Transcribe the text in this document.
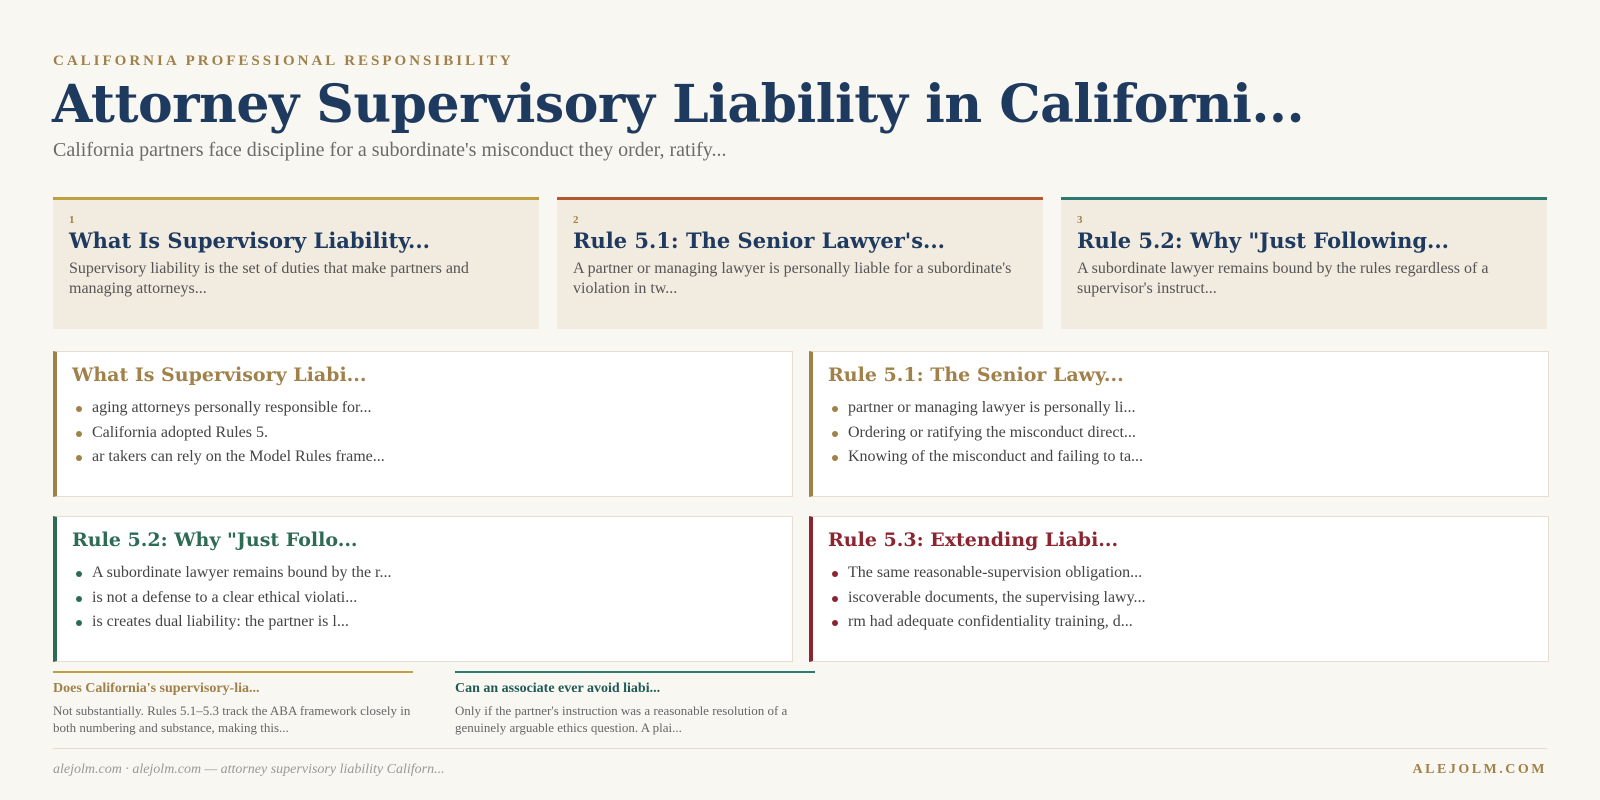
CALIFORNIA PROFESSIONAL RESPONSIBILITY
Attorney Supervisory Liability in Californi...
California partners face discipline for a subordinate's misconduct they order, ratify...
1
What Is Supervisory Liability...
Supervisory liability is the set of duties that make partners and managing attorneys...
2
Rule 5.1: The Senior Lawyer's...
A partner or managing lawyer is personally liable for a subordinate's violation in tw...
3
Rule 5.2: Why "Just Following...
A subordinate lawyer remains bound by the rules regardless of a supervisor's instruct...
What Is Supervisory Liabi...
aging attorneys personally responsible for...
California adopted Rules 5.
ar takers can rely on the Model Rules frame...
Rule 5.1: The Senior Lawy...
partner or managing lawyer is personally li...
Ordering or ratifying the misconduct direct...
Knowing of the misconduct and failing to ta...
Rule 5.2: Why "Just Follo...
A subordinate lawyer remains bound by the r...
is not a defense to a clear ethical violati...
is creates dual liability: the partner is l...
Rule 5.3: Extending Liabi...
The same reasonable-supervision obligation...
iscoverable documents, the supervising lawy...
rm had adequate confidentiality training, d...
Does California's supervisory-lia...
Not substantially. Rules 5.1–5.3 track the ABA framework closely in both numbering and substance, making this...
Can an associate ever avoid liabi...
Only if the partner's instruction was a reasonable resolution of a genuinely arguable ethics question. A plai...
alejolm.com · alejolm.com — attorney supervisory liability Californ...	ALEJOLM.COM
